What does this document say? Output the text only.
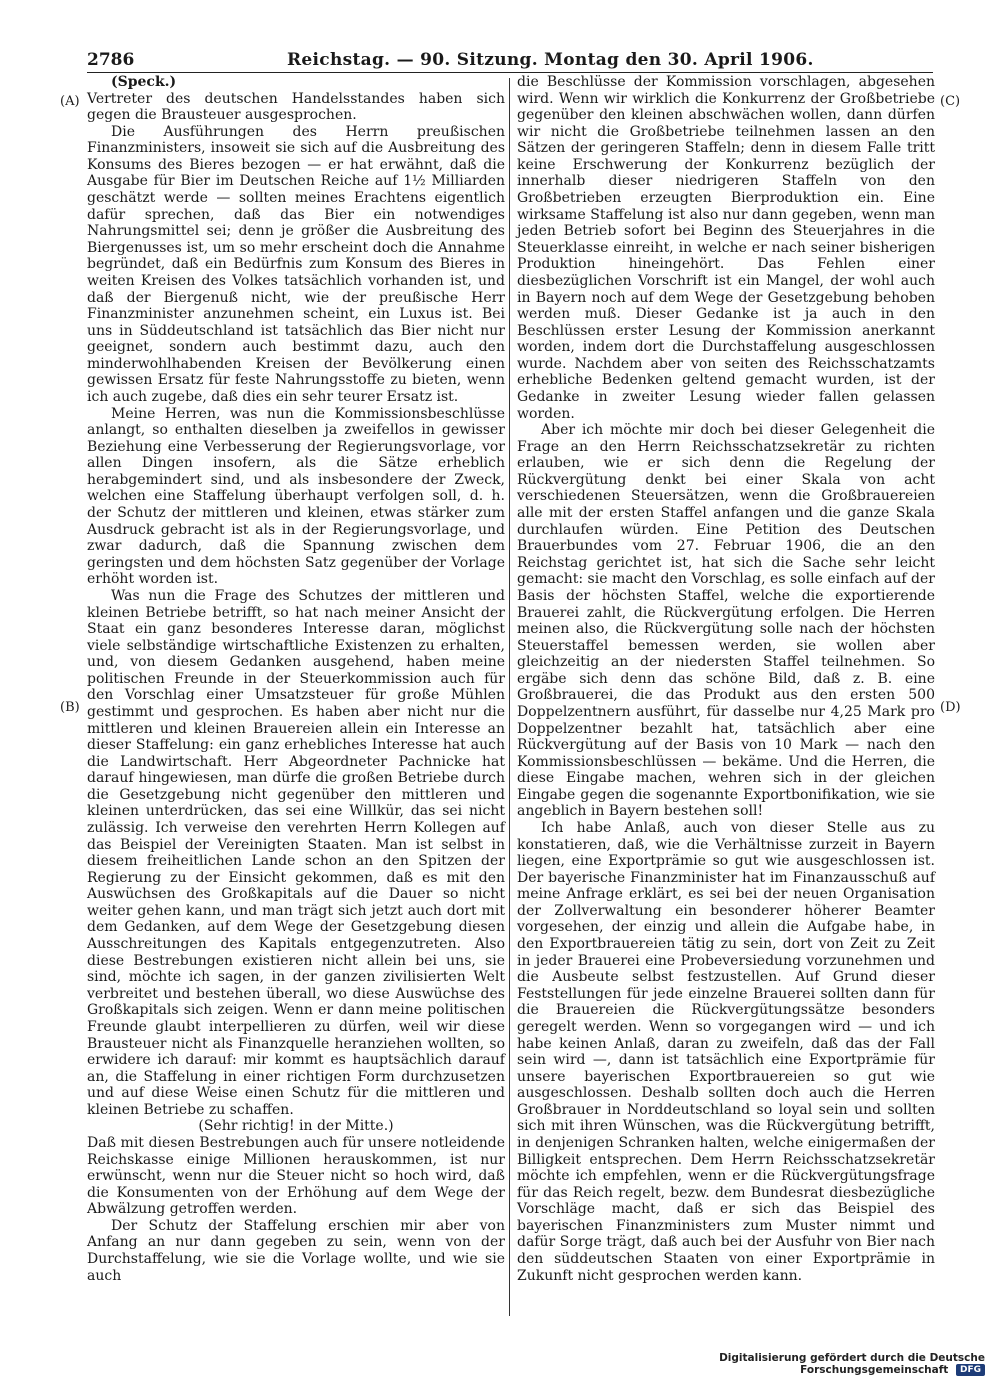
2786	Reichstag. — 90. Sitzung. Montag den 30. April 1906.
(A)
(B)
(C)
(D)

(Speck.)

Vertreter des deutschen Handelsstandes haben sich gegen die Brausteuer ausgesprochen.

Die Ausführungen des Herrn preußischen Finanzministers, insoweit sie sich auf die Ausbreitung des Konsums des Bieres bezogen — er hat erwähnt, daß die Ausgabe für Bier im Deutschen Reiche auf 1½ Milliarden geschätzt werde — sollten meines Erachtens eigentlich dafür sprechen, daß das Bier ein notwendiges Nahrungsmittel sei; denn je größer die Ausbreitung des Biergenusses ist, um so mehr erscheint doch die Annahme begründet, daß ein Bedürfnis zum Konsum des Bieres in weiten Kreisen des Volkes tatsächlich vorhanden ist, und daß der Biergenuß nicht, wie der preußische Herr Finanzminister anzunehmen scheint, ein Luxus ist. Bei uns in Süddeutschland ist tatsächlich das Bier nicht nur geeignet, sondern auch bestimmt dazu, auch den minderwohlhabenden Kreisen der Bevölkerung einen gewissen Ersatz für feste Nahrungsstoffe zu bieten, wenn ich auch zugebe, daß dies ein sehr teurer Ersatz ist.

Meine Herren, was nun die Kommissionsbeschlüsse anlangt, so enthalten dieselben ja zweifellos in gewisser Beziehung eine Verbesserung der Regierungsvorlage, vor allen Dingen insofern, als die Sätze erheblich herabgemindert sind, und als insbesondere der Zweck, welchen eine Staffelung überhaupt verfolgen soll, d. h. der Schutz der mittleren und kleinen, etwas stärker zum Ausdruck gebracht ist als in der Regierungsvorlage, und zwar dadurch, daß die Spannung zwischen dem geringsten und dem höchsten Satz gegenüber der Vorlage erhöht worden ist.

Was nun die Frage des Schutzes der mittleren und kleinen Betriebe betrifft, so hat nach meiner Ansicht der Staat ein ganz besonderes Interesse daran, möglichst viele selbständige wirtschaftliche Existenzen zu erhalten, und, von diesem Gedanken ausgehend, haben meine politischen Freunde in der Steuerkommission auch für den Vorschlag einer Umsatzsteuer für große Mühlen gestimmt und gesprochen. Es haben aber nicht nur die mittleren und kleinen Brauereien allein ein Interesse an dieser Staffelung: ein ganz erhebliches Interesse hat auch die Landwirtschaft. Herr Abgeordneter Pachnicke hat darauf hingewiesen, man dürfe die großen Betriebe durch die Gesetzgebung nicht gegenüber den mittleren und kleinen unterdrücken, das sei eine Willkür, das sei nicht zulässig. Ich verweise den verehrten Herrn Kollegen auf das Beispiel der Vereinigten Staaten. Man ist selbst in diesem freiheitlichen Lande schon an den Spitzen der Regierung zu der Einsicht gekommen, daß es mit den Auswüchsen des Großkapitals auf die Dauer so nicht weiter gehen kann, und man trägt sich jetzt auch dort mit dem Gedanken, auf dem Wege der Gesetzgebung diesen Ausschreitungen des Kapitals entgegenzutreten. Also diese Bestrebungen existieren nicht allein bei uns, sie sind, möchte ich sagen, in der ganzen zivilisierten Welt verbreitet und bestehen überall, wo diese Auswüchse des Großkapitals sich zeigen. Wenn er dann meine politischen Freunde glaubt interpellieren zu dürfen, weil wir diese Brausteuer nicht als Finanzquelle heranziehen wollten, so erwidere ich darauf: mir kommt es hauptsächlich darauf an, die Staffelung in einer richtigen Form durchzusetzen und auf diese Weise einen Schutz für die mittleren und kleinen Betriebe zu schaffen.

(Sehr richtig! in der Mitte.)

Daß mit diesen Bestrebungen auch für unsere notleidende Reichskasse einige Millionen herauskommen, ist nur erwünscht, wenn nur die Steuer nicht so hoch wird, daß die Konsumenten von der Erhöhung auf dem Wege der Abwälzung getroffen werden.

Der Schutz der Staffelung erschien mir aber von Anfang an nur dann gegeben zu sein, wenn von der Durchstaffelung, wie sie die Vorlage wollte, und wie sie auch

die Beschlüsse der Kommission vorschlagen, abgesehen wird. Wenn wir wirklich die Konkurrenz der Großbetriebe gegenüber den kleinen abschwächen wollen, dann dürfen wir nicht die Großbetriebe teilnehmen lassen an den Sätzen der geringeren Staffeln; denn in diesem Falle tritt keine Erschwerung der Konkurrenz bezüglich der innerhalb dieser niedrigeren Staffeln von den Großbetrieben erzeugten Bierproduktion ein. Eine wirksame Staffelung ist also nur dann gegeben, wenn man jeden Betrieb sofort bei Beginn des Steuerjahres in die Steuerklasse einreiht, in welche er nach seiner bisherigen Produktion hineingehört. Das Fehlen einer diesbezüglichen Vorschrift ist ein Mangel, der wohl auch in Bayern noch auf dem Wege der Gesetzgebung behoben werden muß. Dieser Gedanke ist ja auch in den Beschlüssen erster Lesung der Kommission anerkannt worden, indem dort die Durchstaffelung ausgeschlossen wurde. Nachdem aber von seiten des Reichsschatzamts erhebliche Bedenken geltend gemacht wurden, ist der Gedanke in zweiter Lesung wieder fallen gelassen worden.

Aber ich möchte mir doch bei dieser Gelegenheit die Frage an den Herrn Reichsschatzsekretär zu richten erlauben, wie er sich denn die Regelung der Rückvergütung denkt bei einer Skala von acht verschiedenen Steuersätzen, wenn die Großbrauereien alle mit der ersten Staffel anfangen und die ganze Skala durchlaufen würden. Eine Petition des Deutschen Brauerbundes vom 27. Februar 1906, die an den Reichstag gerichtet ist, hat sich die Sache sehr leicht gemacht: sie macht den Vorschlag, es solle einfach auf der Basis der höchsten Staffel, welche die exportierende Brauerei zahlt, die Rückvergütung erfolgen. Die Herren meinen also, die Rückvergütung solle nach der höchsten Steuerstaffel bemessen werden, sie wollen aber gleichzeitig an der niedersten Staffel teilnehmen. So ergäbe sich denn das schöne Bild, daß z. B. eine Großbrauerei, die das Produkt aus den ersten 500 Doppelzentnern ausführt, für dasselbe nur 4,25 Mark pro Doppelzentner bezahlt hat, tatsächlich aber eine Rückvergütung auf der Basis von 10 Mark — nach den Kommissionsbeschlüssen — bekäme. Und die Herren, die diese Eingabe machen, wehren sich in der gleichen Eingabe gegen die sogenannte Exportbonifikation, wie sie angeblich in Bayern bestehen soll!

Ich habe Anlaß, auch von dieser Stelle aus zu konstatieren, daß, wie die Verhältnisse zurzeit in Bayern liegen, eine Exportprämie so gut wie ausgeschlossen ist. Der bayerische Finanzminister hat im Finanzausschuß auf meine Anfrage erklärt, es sei bei der neuen Organisation der Zollverwaltung ein besonderer höherer Beamter vorgesehen, der einzig und allein die Aufgabe habe, in den Exportbrauereien tätig zu sein, dort von Zeit zu Zeit in jeder Brauerei eine Probeversiedung vorzunehmen und die Ausbeute selbst festzustellen. Auf Grund dieser Feststellungen für jede einzelne Brauerei sollten dann für die Brauereien die Rückvergütungssätze besonders geregelt werden. Wenn so vorgegangen wird — und ich habe keinen Anlaß, daran zu zweifeln, daß das der Fall sein wird —, dann ist tatsächlich eine Exportprämie für unsere bayerischen Exportbrauereien so gut wie ausgeschlossen. Deshalb sollten doch auch die Herren Großbrauer in Norddeutschland so loyal sein und sollten sich mit ihren Wünschen, was die Rückvergütung betrifft, in denjenigen Schranken halten, welche einigermaßen der Billigkeit entsprechen. Dem Herrn Reichsschatzsekretär möchte ich empfehlen, wenn er die Rückvergütungsfrage für das Reich regelt, bezw. dem Bundesrat diesbezügliche Vorschläge macht, daß er sich das Beispiel des bayerischen Finanzministers zum Muster nimmt und dafür Sorge trägt, daß auch bei der Ausfuhr von Bier nach den süddeutschen Staaten von einer Exportprämie in Zukunft nicht gesprochen werden kann.

Digitalisierung gefördert durch die Deutsche Forschungsgemeinschaft DFG
